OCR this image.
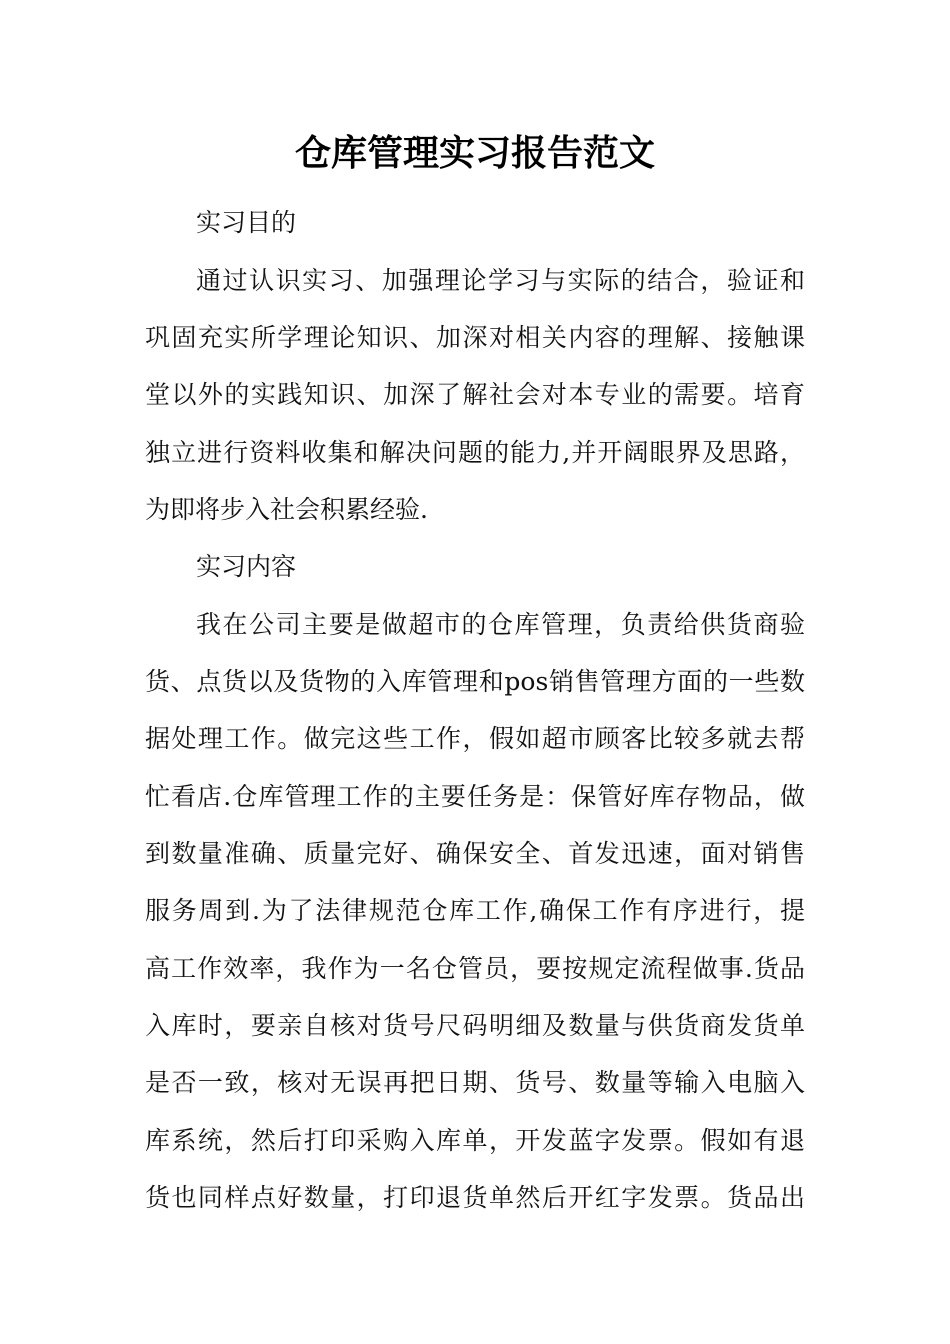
仓库管理实习报告范文

实习目的

通过认识实习、加强理论学习与实际的结合，验证和

巩固充实所学理论知识、加深对相关内容的理解、接触课

堂以外的实践知识、加深了解社会对本专业的需要。培育

独立进行资料收集和解决问题的能力,并开阔眼界及思路，

为即将步入社会积累经验.

实习内容

我在公司主要是做超市的仓库管理，负责给供货商验

货、点货以及货物的入库管理和pos销售管理方面的一些数

据处理工作。做完这些工作，假如超市顾客比较多就去帮

忙看店.仓库管理工作的主要任务是：保管好库存物品，做

到数量准确、质量完好、确保安全、首发迅速，面对销售

服务周到.为了法律规范仓库工作,确保工作有序进行，提

高工作效率，我作为一名仓管员，要按规定流程做事.货品

入库时，要亲自核对货号尺码明细及数量与供货商发货单

是否一致，核对无误再把日期、货号、数量等输入电脑入

库系统，然后打印采购入库单，开发蓝字发票。假如有退

货也同样点好数量，打印退货单然后开红字发票。货品出
